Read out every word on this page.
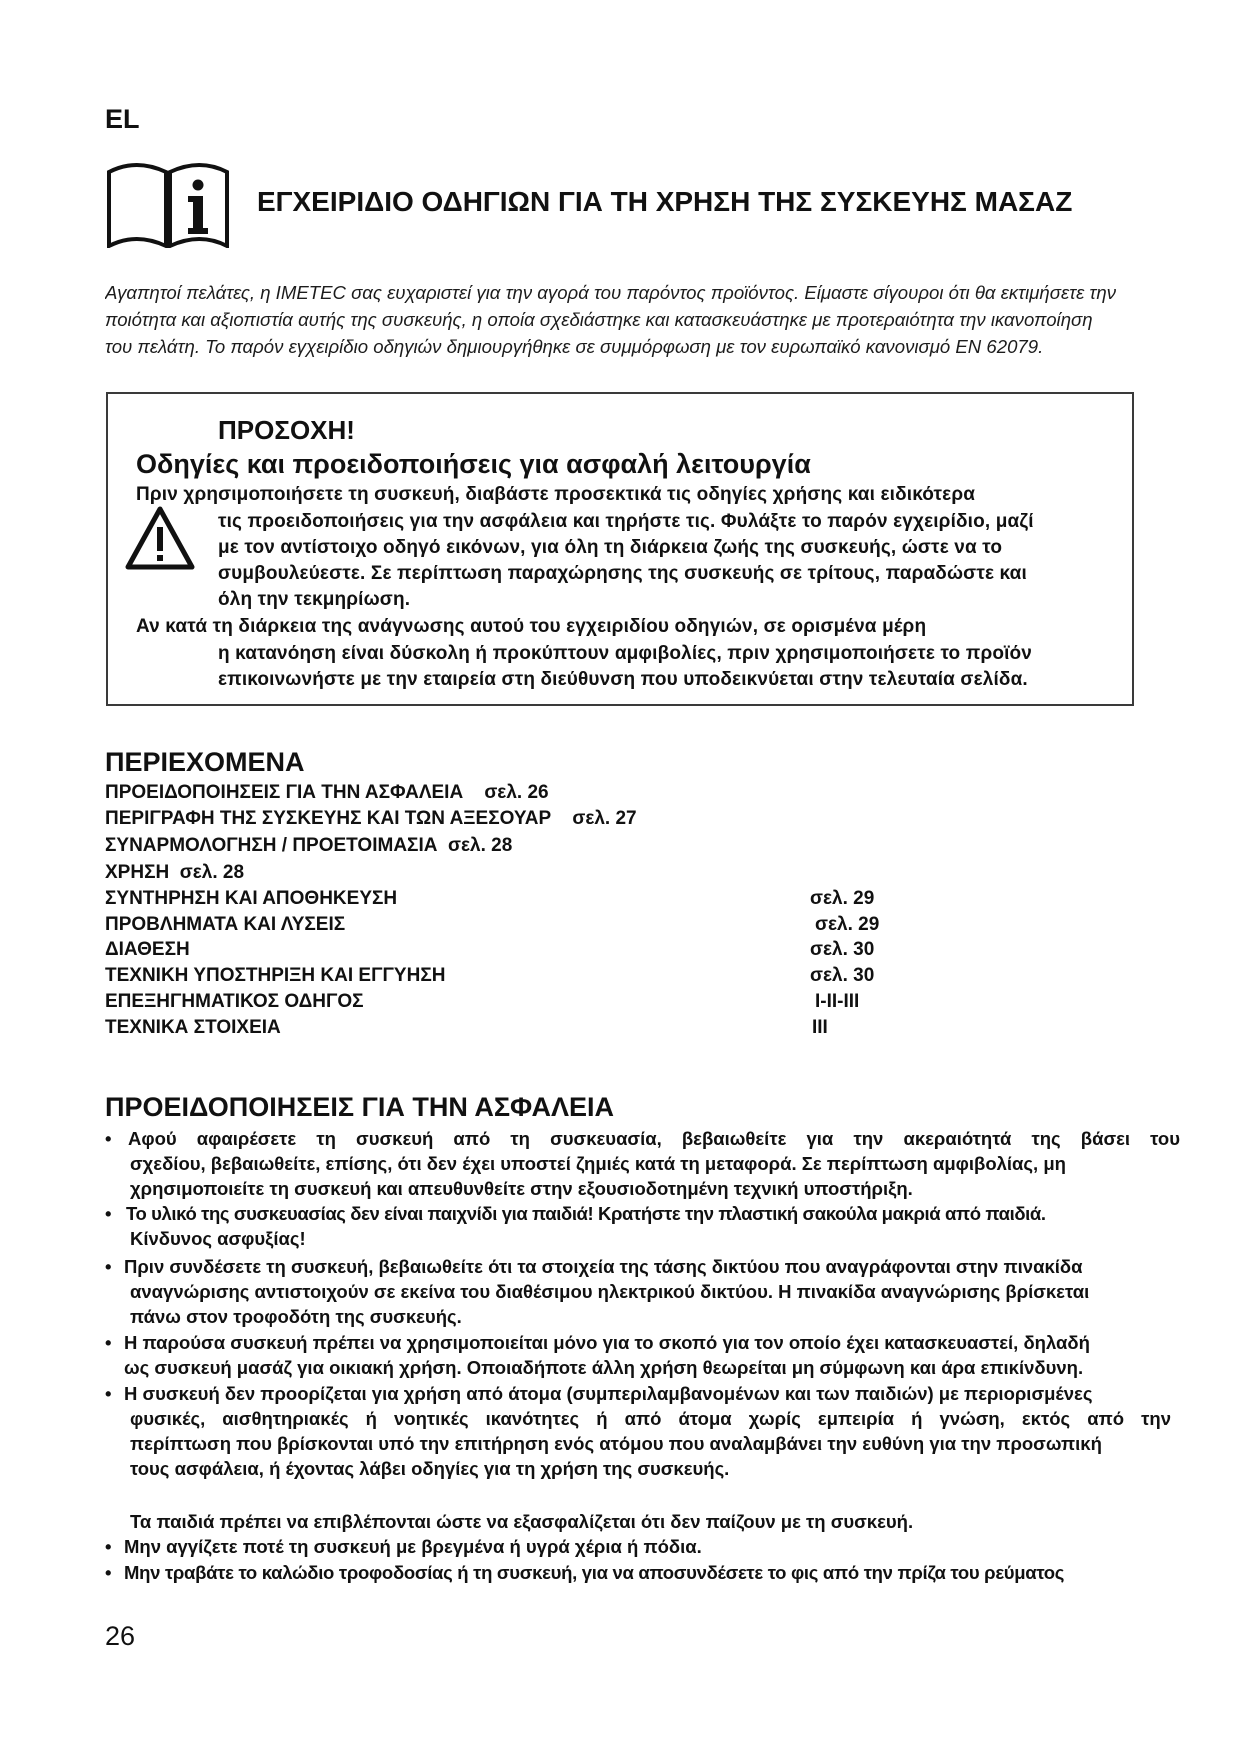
EL
ΕΓΧΕΙΡΙΔΙΟ ΟΔΗΓΙΩΝ ΓΙΑ ΤΗ ΧΡΗΣΗ ΤΗΣ ΣΥΣΚΕΥΗΣ ΜΑΣΑΖ

Αγαπητοί πελάτες, η IMETEC σας ευχαριστεί για την αγορά του παρόντος προϊόντος. Είμαστε σίγουροι ότι θα εκτιμήσετε την

ποιότητα και αξιοπιστία αυτής της συσκευής, η οποία σχεδιάστηκε και κατασκευάστηκε με προτεραιότητα την ικανοποίηση

του πελάτη. Το παρόν εγχειρίδιο οδηγιών δημιουργήθηκε σε συμμόρφωση με τον ευρωπαϊκό κανονισμό EN 62079.

ΠΡΟΣΟΧΗ!
Οδηγίες και προειδοποιήσεις για ασφαλή λειτουργία
Πριν χρησιμοποιήσετε τη συσκευή, διαβάστε προσεκτικά τις οδηγίες χρήσης και ειδικότερα
τις προειδοποιήσεις για την ασφάλεια και τηρήστε τις. Φυλάξτε το παρόν εγχειρίδιο, μαζί
με τον αντίστοιχο οδηγό εικόνων, για όλη τη διάρκεια ζωής της συσκευής, ώστε να το
συμβουλεύεστε. Σε περίπτωση παραχώρησης της συσκευής σε τρίτους, παραδώστε και
όλη την τεκμηρίωση.
Αν κατά τη διάρκεια της ανάγνωσης αυτού του εγχειριδίου οδηγιών, σε ορισμένα μέρη
η κατανόηση είναι δύσκολη ή προκύπτουν αμφιβολίες, πριν χρησιμοποιήσετε το προϊόν
επικοινωνήστε με την εταιρεία στη διεύθυνση που υποδεικνύεται στην τελευταία σελίδα.
ΠΕΡΙΕΧΟΜΕΝΑ
ΠΡΟΕΙΔΟΠΟΙΗΣΕΙΣ ΓΙΑ ΤΗΝ ΑΣΦΑΛΕΙΑ σελ. 26
ΠΕΡΙΓΡΑΦΗ ΤΗΣ ΣΥΣΚΕΥΗΣ ΚΑΙ ΤΩΝ ΑΞΕΣΟΥΑΡ σελ. 27
ΣΥΝΑΡΜΟΛΟΓΗΣΗ / ΠΡΟΕΤΟΙΜΑΣΙΑ σελ. 28
ΧΡΗΣΗ σελ. 28
ΣΥΝΤΗΡΗΣΗ ΚΑΙ ΑΠΟΘΗΚΕΥΣΗ	σελ. 29
ΠΡΟΒΛΗΜΑΤΑ ΚΑΙ ΛΥΣΕΙΣ	σελ. 29
ΔΙΑΘΕΣΗ	σελ. 30
ΤΕΧΝΙΚΗ ΥΠΟΣΤΗΡΙΞΗ ΚΑΙ ΕΓΓΥΗΣΗ	σελ. 30
ΕΠΕΞΗΓΗΜΑΤΙΚΟΣ ΟΔΗΓΟΣ	I-II-III
ΤΕΧΝΙΚΑ ΣΤΟΙΧΕΙΑ	III
ΠΡΟΕΙΔΟΠΟΙΗΣΕΙΣ ΓΙΑ ΤΗΝ ΑΣΦΑΛΕΙΑ
• Αφού αφαιρέσετε τη συσκευή από τη συσκευασία, βεβαιωθείτε για την ακεραιότητά της βάσει του
σχεδίου, βεβαιωθείτε, επίσης, ότι δεν έχει υποστεί ζημιές κατά τη μεταφορά. Σε περίπτωση αμφιβολίας, μη
χρησιμοποιείτε τη συσκευή και απευθυνθείτε στην εξουσιοδοτημένη τεχνική υποστήριξη.
• Το υλικό της συσκευασίας δεν είναι παιχνίδι για παιδιά! Κρατήστε την πλαστική σακούλα μακριά από παιδιά.
Κίνδυνος ασφυξίας!
• Πριν συνδέσετε τη συσκευή, βεβαιωθείτε ότι τα στοιχεία της τάσης δικτύου που αναγράφονται στην πινακίδα
αναγνώρισης αντιστοιχούν σε εκείνα του διαθέσιμου ηλεκτρικού δικτύου. Η πινακίδα αναγνώρισης βρίσκεται
πάνω στον τροφοδότη της συσκευής.
• Η παρούσα συσκευή πρέπει να χρησιμοποιείται μόνο για το σκοπό για τον οποίο έχει κατασκευαστεί, δηλαδή
ως συσκευή μασάζ για οικιακή χρήση. Οποιαδήποτε άλλη χρήση θεωρείται μη σύμφωνη και άρα επικίνδυνη.
• Η συσκευή δεν προορίζεται για χρήση από άτομα (συμπεριλαμβανομένων και των παιδιών) με περιορισμένες
φυσικές, αισθητηριακές ή νοητικές ικανότητες ή από άτομα χωρίς εμπειρία ή γνώση, εκτός από την
περίπτωση που βρίσκονται υπό την επιτήρηση ενός ατόμου που αναλαμβάνει την ευθύνη για την προσωπική
τους ασφάλεια, ή έχοντας λάβει οδηγίες για τη χρήση της συσκευής.
Τα παιδιά πρέπει να επιβλέπονται ώστε να εξασφαλίζεται ότι δεν παίζουν με τη συσκευή.
• Μην αγγίζετε ποτέ τη συσκευή με βρεγμένα ή υγρά χέρια ή πόδια.
• Μην τραβάτε το καλώδιο τροφοδοσίας ή τη συσκευή, για να αποσυνδέσετε το φις από την πρίζα του ρεύματος
26
